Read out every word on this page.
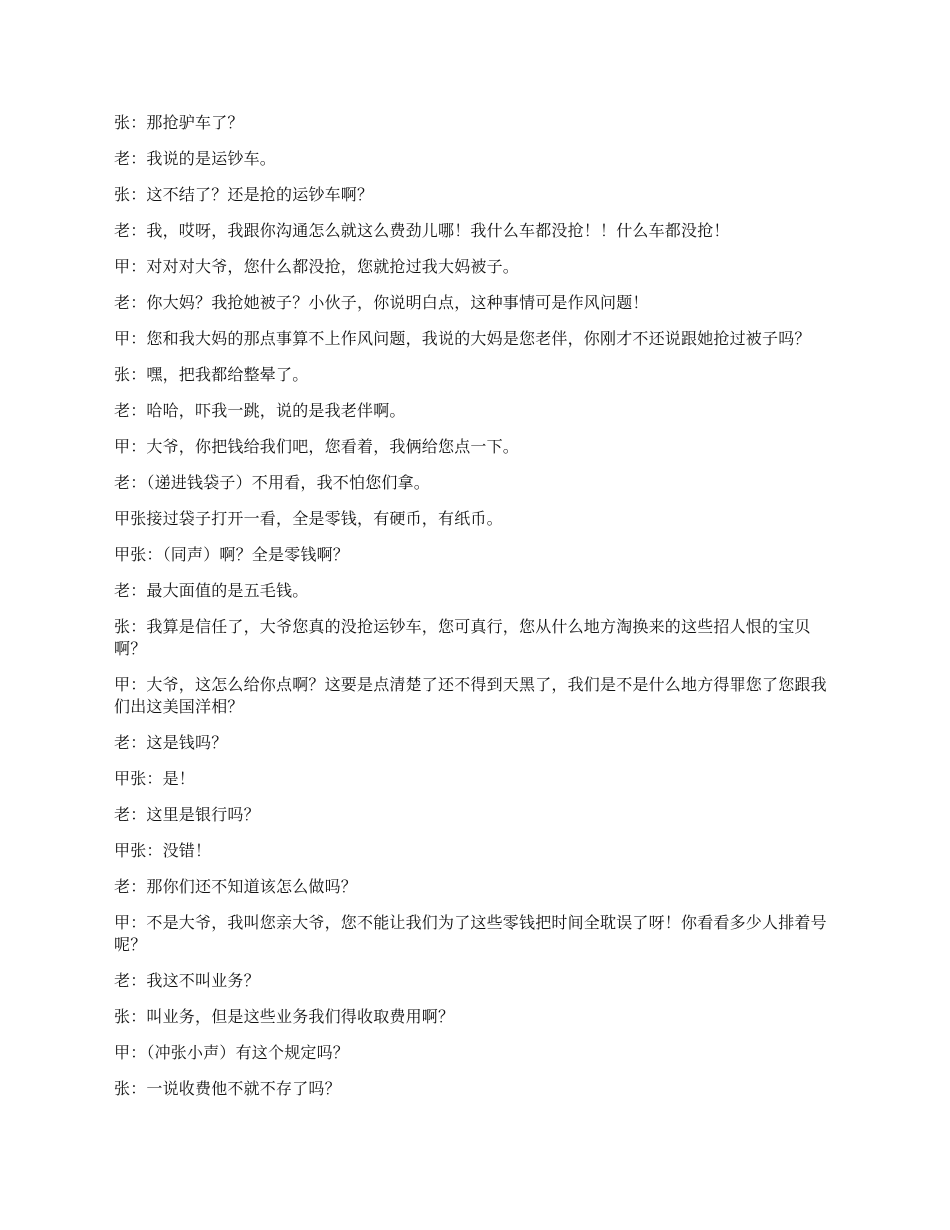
张：那抢驴车了？

老：我说的是运钞车。

张：这不结了？还是抢的运钞车啊？

老：我，哎呀，我跟你沟通怎么就这么费劲儿哪！我什么车都没抢！！什么车都没抢！

甲：对对对大爷，您什么都没抢，您就抢过我大妈被子。

老：你大妈？我抢她被子？小伙子，你说明白点，这种事情可是作风问题！

甲：您和我大妈的那点事算不上作风问题，我说的大妈是您老伴，你刚才不还说跟她抢过被子吗？

张：嘿，把我都给整晕了。

老：哈哈，吓我一跳，说的是我老伴啊。

甲：大爷，你把钱给我们吧，您看着，我俩给您点一下。

老：（递进钱袋子）不用看，我不怕您们拿。

甲张接过袋子打开一看，全是零钱，有硬币，有纸币。

甲张：（同声）啊？全是零钱啊？

老：最大面值的是五毛钱。

张：我算是信任了，大爷您真的没抢运钞车，您可真行，您从什么地方淘换来的这些招人恨的宝贝啊？

甲：大爷，这怎么给你点啊？这要是点清楚了还不得到天黑了，我们是不是什么地方得罪您了您跟我们出这美国洋相？

老：这是钱吗？

甲张：是！

老：这里是银行吗？

甲张：没错！

老：那你们还不知道该怎么做吗？

甲：不是大爷，我叫您亲大爷，您不能让我们为了这些零钱把时间全耽误了呀！你看看多少人排着号呢？

老：我这不叫业务？

张：叫业务，但是这些业务我们得收取费用啊？

甲：（冲张小声）有这个规定吗？

张：一说收费他不就不存了吗？
